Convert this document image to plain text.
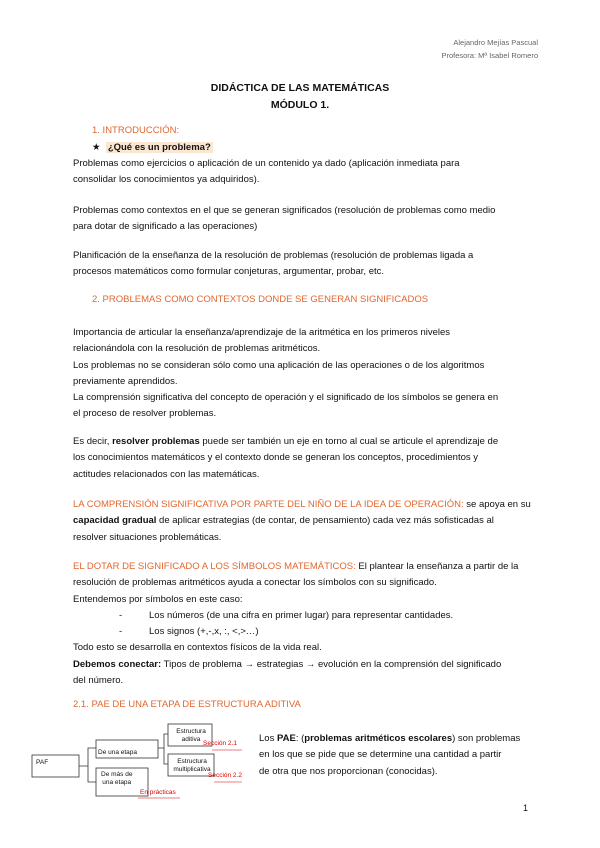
Alejandro Mejías Pascual
Profesora: Mª Isabel Romero
DIDÁCTICA DE LAS MATEMÁTICAS
MÓDULO 1.
1. INTRODUCCIÓN:
★ ¿Qué es un problema?
Problemas como ejercicios o aplicación de un contenido ya dado (aplicación inmediata para
consolidar los conocimientos ya adquiridos).
Problemas como contextos en el que se generan significados (resolución de problemas como medio
para dotar de significado a las operaciones)
Planificación de la enseñanza de la resolución de problemas (resolución de problemas ligada a
procesos matemáticos como formular conjeturas, argumentar, probar, etc.
2. PROBLEMAS COMO CONTEXTOS DONDE SE GENERAN SIGNIFICADOS
Importancia de articular la enseñanza/aprendizaje de la aritmética en los primeros niveles
relacionándola con la resolución de problemas aritméticos.
Los problemas no se consideran sólo como una aplicación de las operaciones o de los algoritmos
previamente aprendidos.
La comprensión significativa del concepto de operación y el significado de los símbolos se genera en
el proceso de resolver problemas.
Es decir, resolver problemas puede ser también un eje en torno al cual se articule el aprendizaje de
los conocimientos matemáticos y el contexto donde se generan los conceptos, procedimientos y
actitudes relacionados con las matemáticas.
LA COMPRENSIÓN SIGNIFICATIVA POR PARTE DEL NIÑO DE LA IDEA DE OPERACIÓN: se apoya en su
capacidad gradual de aplicar estrategias (de contar, de pensamiento) cada vez más sofisticadas al
resolver situaciones problemáticas.
EL DOTAR DE SIGNIFICADO A LOS SÍMBOLOS MATEMÁTICOS: El plantear la enseñanza a partir de la
resolución de problemas aritméticos ayuda a conectar los símbolos con su significado.
Entendemos por símbolos en este caso:
-	Los números (de una cifra en primer lugar) para representar cantidades.
-	Los signos (+,-,x, :, <,>…)
Todo esto se desarrolla en contextos físicos de la vida real.
Debemos conectar: Tipos de problema → estrategias → evolución en la comprensión del significado
del número.
2.1. PAE DE UNA ETAPA DE ESTRUCTURA ADITIVA
PAF
De una etapa
De más de
una etapa
Estructura
aditiva
Estructura
multiplicativa
Sección 2.1
Sección 2.2
En prácticas
Los PAE: (problemas aritméticos escolares) son problemas
en los que se pide que se determine una cantidad a partir
de otra que nos proporcionan (conocidas).
1
